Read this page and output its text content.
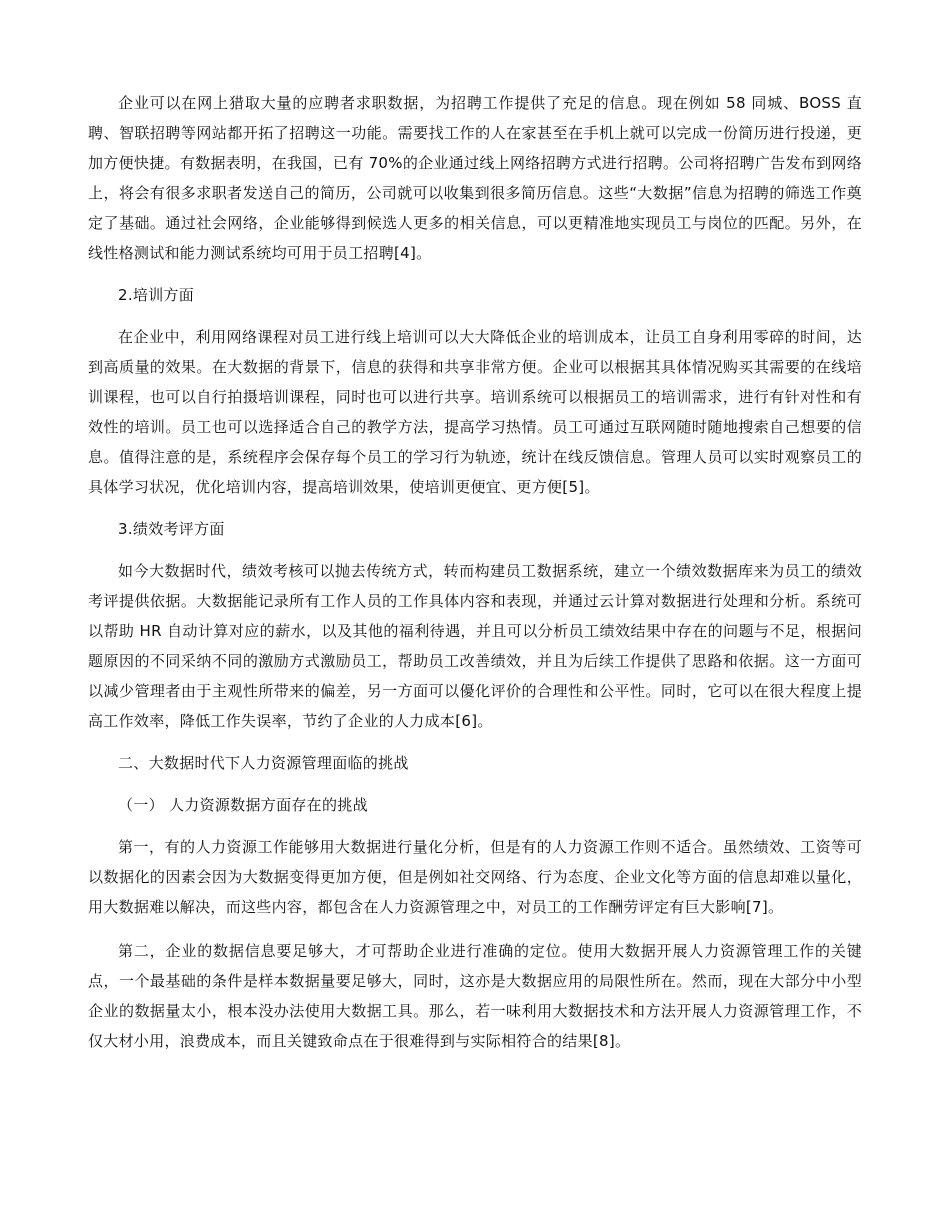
企业可以在网上猎取大量的应聘者求职数据，为招聘工作提供了充足的信息。现在例如 58 同城、BOSS 直聘、智联招聘等网站都开拓了招聘这一功能。需要找工作的人在家甚至在手机上就可以完成一份简历进行投递，更加方便快捷。有数据表明，在我国，已有 70%的企业通过线上网络招聘方式进行招聘。公司将招聘广告发布到网络上，将会有很多求职者发送自己的简历，公司就可以收集到很多简历信息。这些“大数据”信息为招聘的筛选工作奠定了基础。通过社会网络，企业能够得到候选人更多的相关信息，可以更精准地实现员工与岗位的匹配。另外，在线性格测试和能力测试系统均可用于员工招聘[4]。

2.培训方面

在企业中，利用网络课程对员工进行线上培训可以大大降低企业的培训成本，让员工自身利用零碎的时间，达到高质量的效果。在大数据的背景下，信息的获得和共享非常方便。企业可以根据其具体情况购买其需要的在线培训课程，也可以自行拍摄培训课程，同时也可以进行共享。培训系统可以根据员工的培训需求，进行有针对性和有效性的培训。员工也可以选择适合自己的教学方法，提高学习热情。员工可通过互联网随时随地搜索自己想要的信息。值得注意的是，系统程序会保存每个员工的学习行为轨迹，统计在线反馈信息。管理人员可以实时观察员工的具体学习状况，优化培训内容，提高培训效果，使培训更便宜、更方便[5]。

3.绩效考评方面

如今大数据时代，绩效考核可以抛去传统方式，转而构建员工数据系统，建立一个绩效数据库来为员工的绩效考评提供依据。大数据能记录所有工作人员的工作具体内容和表现，并通过云计算对数据进行处理和分析。系统可以帮助 HR 自动计算对应的薪水，以及其他的福利待遇，并且可以分析员工绩效结果中存在的问题与不足，根据问题原因的不同采纳不同的激励方式激励员工，帮助员工改善绩效，并且为后续工作提供了思路和依据。这一方面可以减少管理者由于主观性所带来的偏差，另一方面可以優化评价的合理性和公平性。同时，它可以在很大程度上提高工作效率，降低工作失误率，节约了企业的人力成本[6]。

二、大数据时代下人力资源管理面临的挑战

（一） 人力资源数据方面存在的挑战

第一，有的人力资源工作能够用大数据进行量化分析，但是有的人力资源工作则不适合。虽然绩效、工资等可以数据化的因素会因为大数据变得更加方便，但是例如社交网络、行为态度、企业文化等方面的信息却难以量化，用大数据难以解决，而这些内容，都包含在人力资源管理之中，对员工的工作酬劳评定有巨大影响[7]。

第二，企业的数据信息要足够大，才可帮助企业进行准确的定位。使用大数据开展人力资源管理工作的关键点，一个最基础的条件是样本数据量要足够大，同时，这亦是大数据应用的局限性所在。然而，现在大部分中小型企业的数据量太小，根本没办法使用大数据工具。那么，若一味利用大数据技术和方法开展人力资源管理工作，不仅大材小用，浪费成本，而且关键致命点在于很难得到与实际相符合的结果[8]。
